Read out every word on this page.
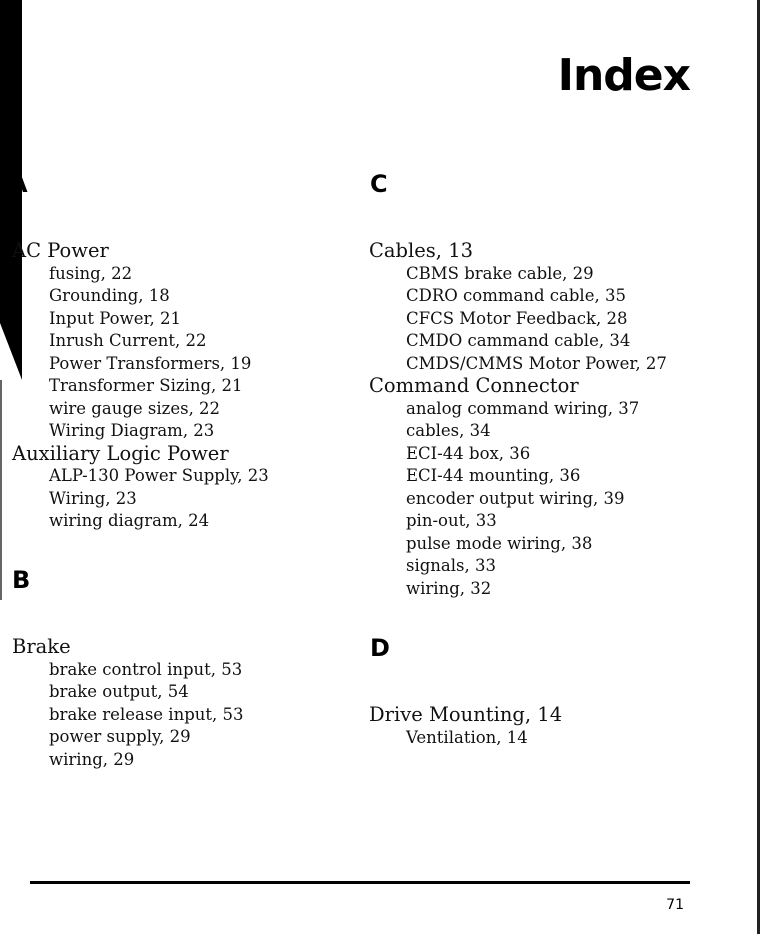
Index
A
AC Power
fusing, 22
Grounding, 18
Input Power, 21
Inrush Current, 22
Power Transformers, 19
Transformer Sizing, 21
wire gauge sizes, 22
Wiring Diagram, 23
Auxiliary Logic Power
ALP-130 Power Supply, 23
Wiring, 23
wiring diagram, 24
B
Brake
brake control input, 53
brake output, 54
brake release input, 53
power supply, 29
wiring, 29
C
Cables, 13
CBMS brake cable, 29
CDRO command cable, 35
CFCS Motor Feedback, 28
CMDO cammand cable, 34
CMDS/CMMS Motor Power, 27
Command Connector
analog command wiring, 37
cables, 34
ECI-44 box, 36
ECI-44 mounting, 36
encoder output wiring, 39
pin-out, 33
pulse mode wiring, 38
signals, 33
wiring, 32
D
Drive Mounting, 14
Ventilation, 14
71
